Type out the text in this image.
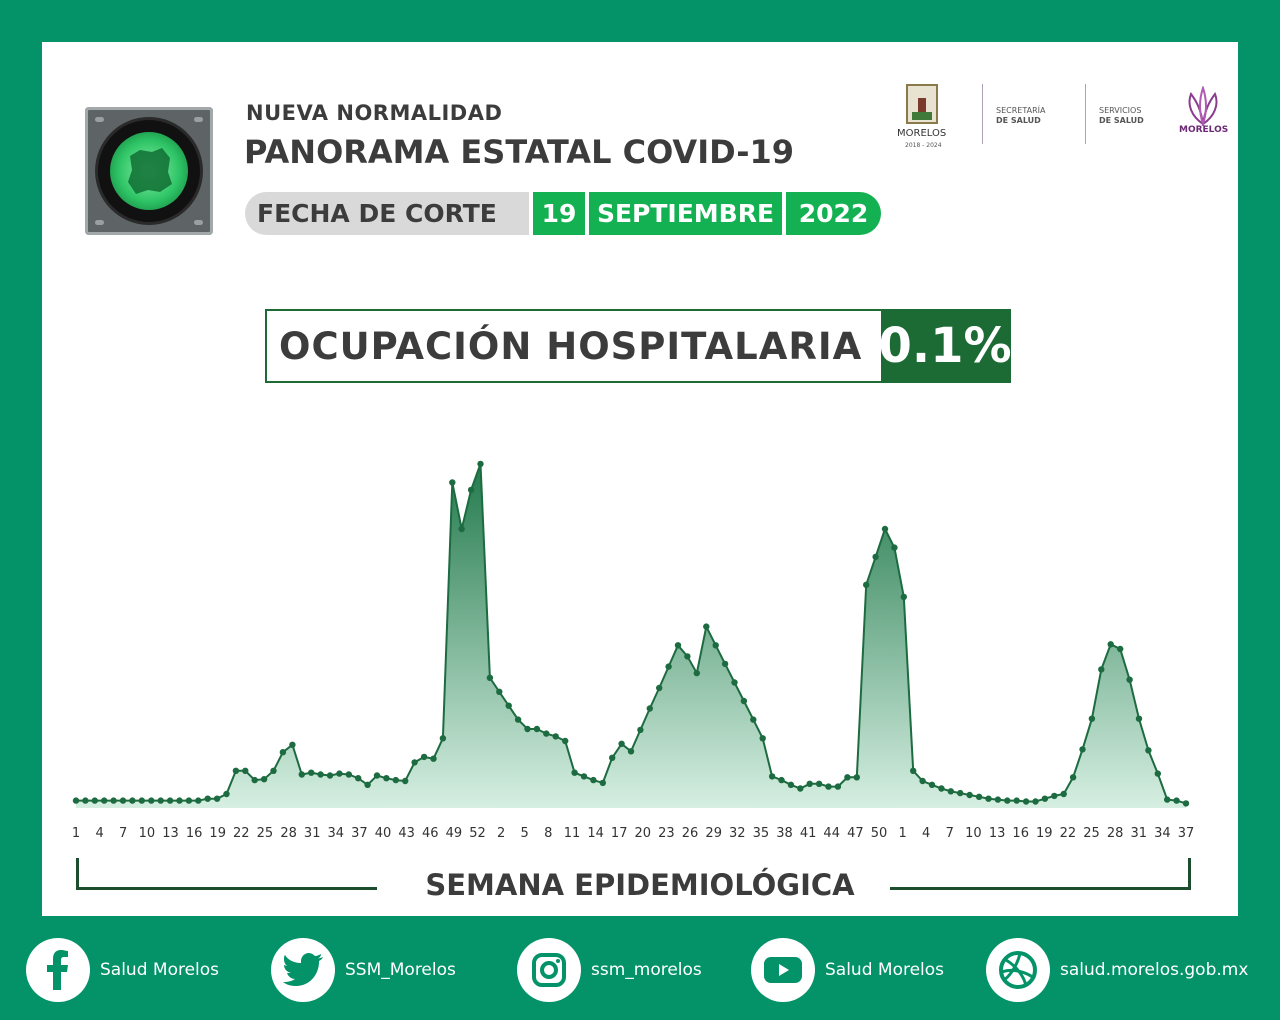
NUEVA NORMALIDAD
PANORAMA ESTATAL COVID-19
FECHA DE CORTE	19 SEPTIEMBRE 2022
MORELOS
2018 - 2024
SECRETARÍA
DE SALUD
SERVICIOS
DE SALUD
MORELOS
OCUPACIÓN HOSPITALARIA 0.1%
1 4 7 10 13 16 19 22 25 28 31 34 37 40 43 46 49 52 2 5 8 11 14 17 20 23 26 29 32 35 38 41 44 47 50 1 4 7 10 13 16 19 22 25 28 31 34 37
SEMANA EPIDEMIOLÓGICA
Salud Morelos	SSM_Morelos	ssm_morelos	Salud Morelos	salud.morelos.gob.mx
